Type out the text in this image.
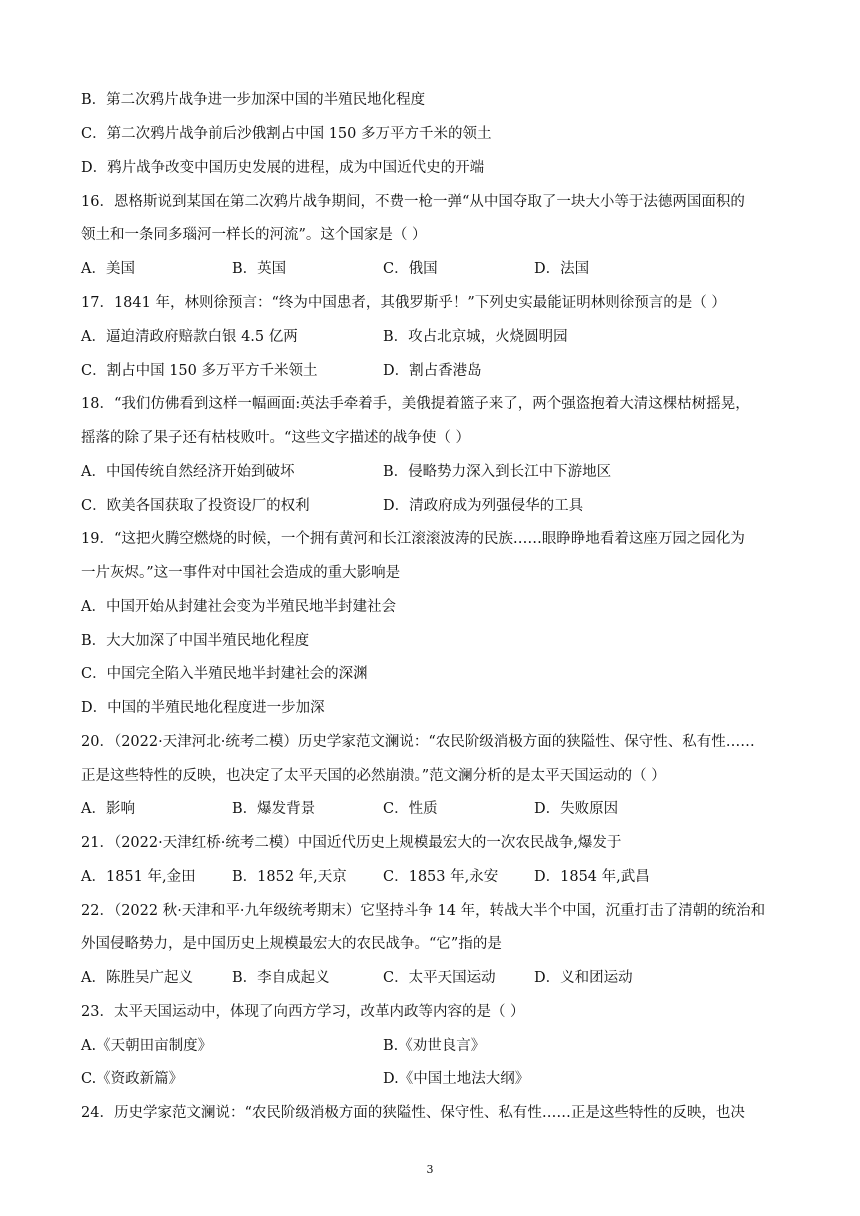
B．第二次鸦片战争进一步加深中国的半殖民地化程度
C．第二次鸦片战争前后沙俄割占中国 150 多万平方千米的领土
D．鸦片战争改变中国历史发展的进程，成为中国近代史的开端
16．恩格斯说到某国在第二次鸦片战争期间，不费一枪一弹“从中国夺取了一块大小等于法德两国面积的
领土和一条同多瑙河一样长的河流”。这个国家是（ ）
A．美国	B．英国	C．俄国	D．法国
17．1841 年，林则徐预言：“终为中国患者，其俄罗斯乎！”下列史实最能证明林则徐预言的是（ ）
A．逼迫清政府赔款白银 4.5 亿两	B．攻占北京城，火烧圆明园
C．割占中国 150 多万平方千米领土	D．割占香港岛
18．“我们仿佛看到这样一幅画面:英法手牵着手，美俄提着篮子来了，两个强盗抱着大清这棵枯树摇晃，
摇落的除了果子还有枯枝败叶。“这些文字描述的战争使（ ）
A．中国传统自然经济开始到破坏	B．侵略势力深入到长江中下游地区
C．欧美各国获取了投资设厂的权利	D．清政府成为列强侵华的工具
19．“这把火腾空燃烧的时候，一个拥有黄河和长江滚滚波涛的民族……眼睁睁地看着这座万园之园化为
一片灰烬。”这一事件对中国社会造成的重大影响是
A．中国开始从封建社会变为半殖民地半封建社会
B．大大加深了中国半殖民地化程度
C．中国完全陷入半殖民地半封建社会的深渊
D．中国的半殖民地化程度进一步加深
20．（2022·天津河北·统考二模）历史学家范文澜说：“农民阶级消极方面的狭隘性、保守性、私有性……
正是这些特性的反映，也决定了太平天国的必然崩溃。”范文澜分析的是太平天国运动的（ ）
A．影响	B．爆发背景	C．性质	D．失败原因
21．（2022·天津红桥·统考二模）中国近代历史上规模最宏大的一次农民战争,爆发于
A．1851 年,金田	B．1852 年,天京 C．1853 年,永安 D．1854 年,武昌
22．（2022 秋·天津和平·九年级统考期末）它坚持斗争 14 年，转战大半个中国，沉重打击了清朝的统治和
外国侵略势力，是中国历史上规模最宏大的农民战争。“它”指的是
A．陈胜吴广起义	B．李自成起义	C．太平天国运动	D．义和团运动
23．太平天国运动中，体现了向西方学习，改革内政等内容的是（ ）
A.《天朝田亩制度》	B.《劝世良言》
C.《资政新篇》	D.《中国土地法大纲》
24．历史学家范文澜说：“农民阶级消极方面的狭隘性、保守性、私有性……正是这些特性的反映，也决
3
